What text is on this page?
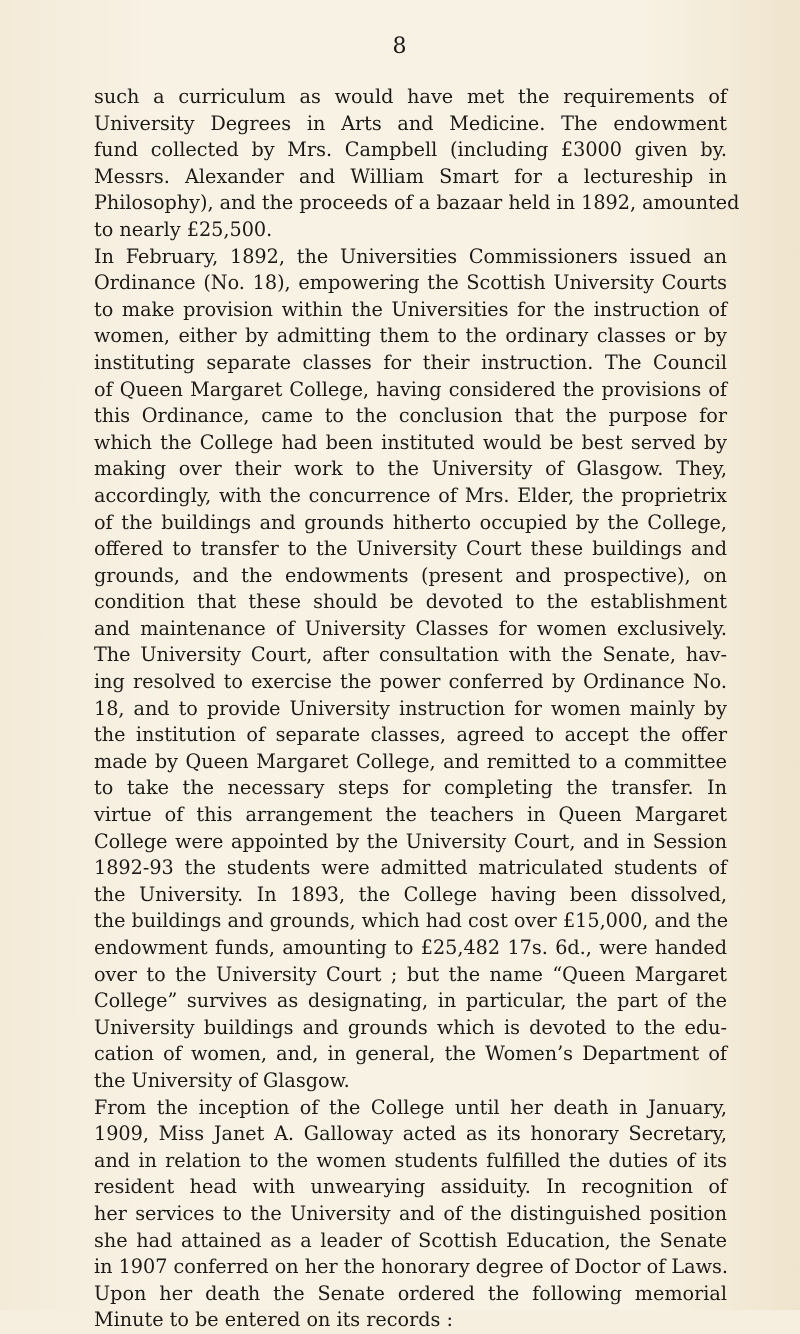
8
such a curriculum as would have met the requirements of
University Degrees in Arts and Medicine. The endowment
fund collected by Mrs. Campbell (including £3000 given by.
Messrs. Alexander and William Smart for a lectureship in
Philosophy), and the proceeds of a bazaar held in 1892, amounted
to nearly £25,500.
In February, 1892, the Universities Commissioners issued an
Ordinance (No. 18), empowering the Scottish University Courts
to make provision within the Universities for the instruction of
women, either by admitting them to the ordinary classes or by
instituting separate classes for their instruction. The Council
of Queen Margaret College, having considered the provisions of
this Ordinance, came to the conclusion that the purpose for
which the College had been instituted would be best served by
making over their work to the University of Glasgow. They,
accordingly, with the concurrence of Mrs. Elder, the proprietrix
of the buildings and grounds hitherto occupied by the College,
offered to transfer to the University Court these buildings and
grounds, and the endowments (present and prospective), on
condition that these should be devoted to the establishment
and maintenance of University Classes for women exclusively.
The University Court, after consultation with the Senate, hav-
ing resolved to exercise the power conferred by Ordinance No.
18, and to provide University instruction for women mainly by
the institution of separate classes, agreed to accept the offer
made by Queen Margaret College, and remitted to a committee
to take the necessary steps for completing the transfer. In
virtue of this arrangement the teachers in Queen Margaret
College were appointed by the University Court, and in Session
1892-93 the students were admitted matriculated students of
the University. In 1893, the College having been dissolved,
the buildings and grounds, which had cost over £15,000, and the
endowment funds, amounting to £25,482 17s. 6d., were handed
over to the University Court ; but the name “Queen Margaret
College” survives as designating, in particular, the part of the
University buildings and grounds which is devoted to the edu-
cation of women, and, in general, the Women’s Department of
the University of Glasgow.
From the inception of the College until her death in January,
1909, Miss Janet A. Galloway acted as its honorary Secretary,
and in relation to the women students fulfilled the duties of its
resident head with unwearying assiduity. In recognition of
her services to the University and of the distinguished position
she had attained as a leader of Scottish Education, the Senate
in 1907 conferred on her the honorary degree of Doctor of Laws.
Upon her death the Senate ordered the following memorial
Minute to be entered on its records :
